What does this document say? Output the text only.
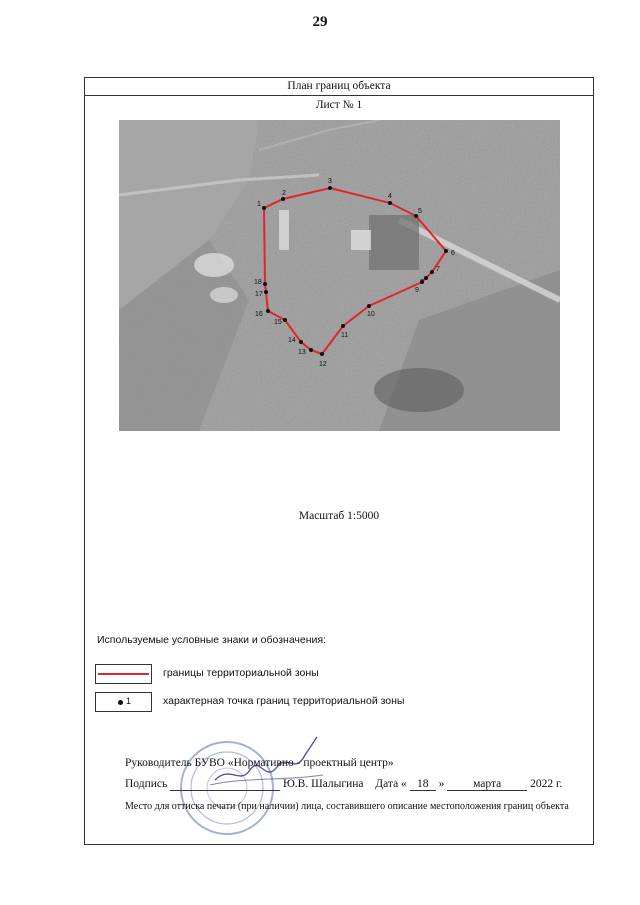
29
План границ объекта
Лист № 1
1
2
3
4
5
6
7
9
10
11
12
13
14
15
16
17
18
Масштаб 1:5000
Используемые условные знаки и обозначения:
границы территориальной зоны
1	характерная точка границ территориальной зоны
Руководитель БУВО «Нормативно - проектный центр»
Подпись	Ю.В. Шалыгина Дата « 18 »	марта	2022 г.
Место для оттиска печати (при наличии) лица, составившего описание местоположения границ объекта
